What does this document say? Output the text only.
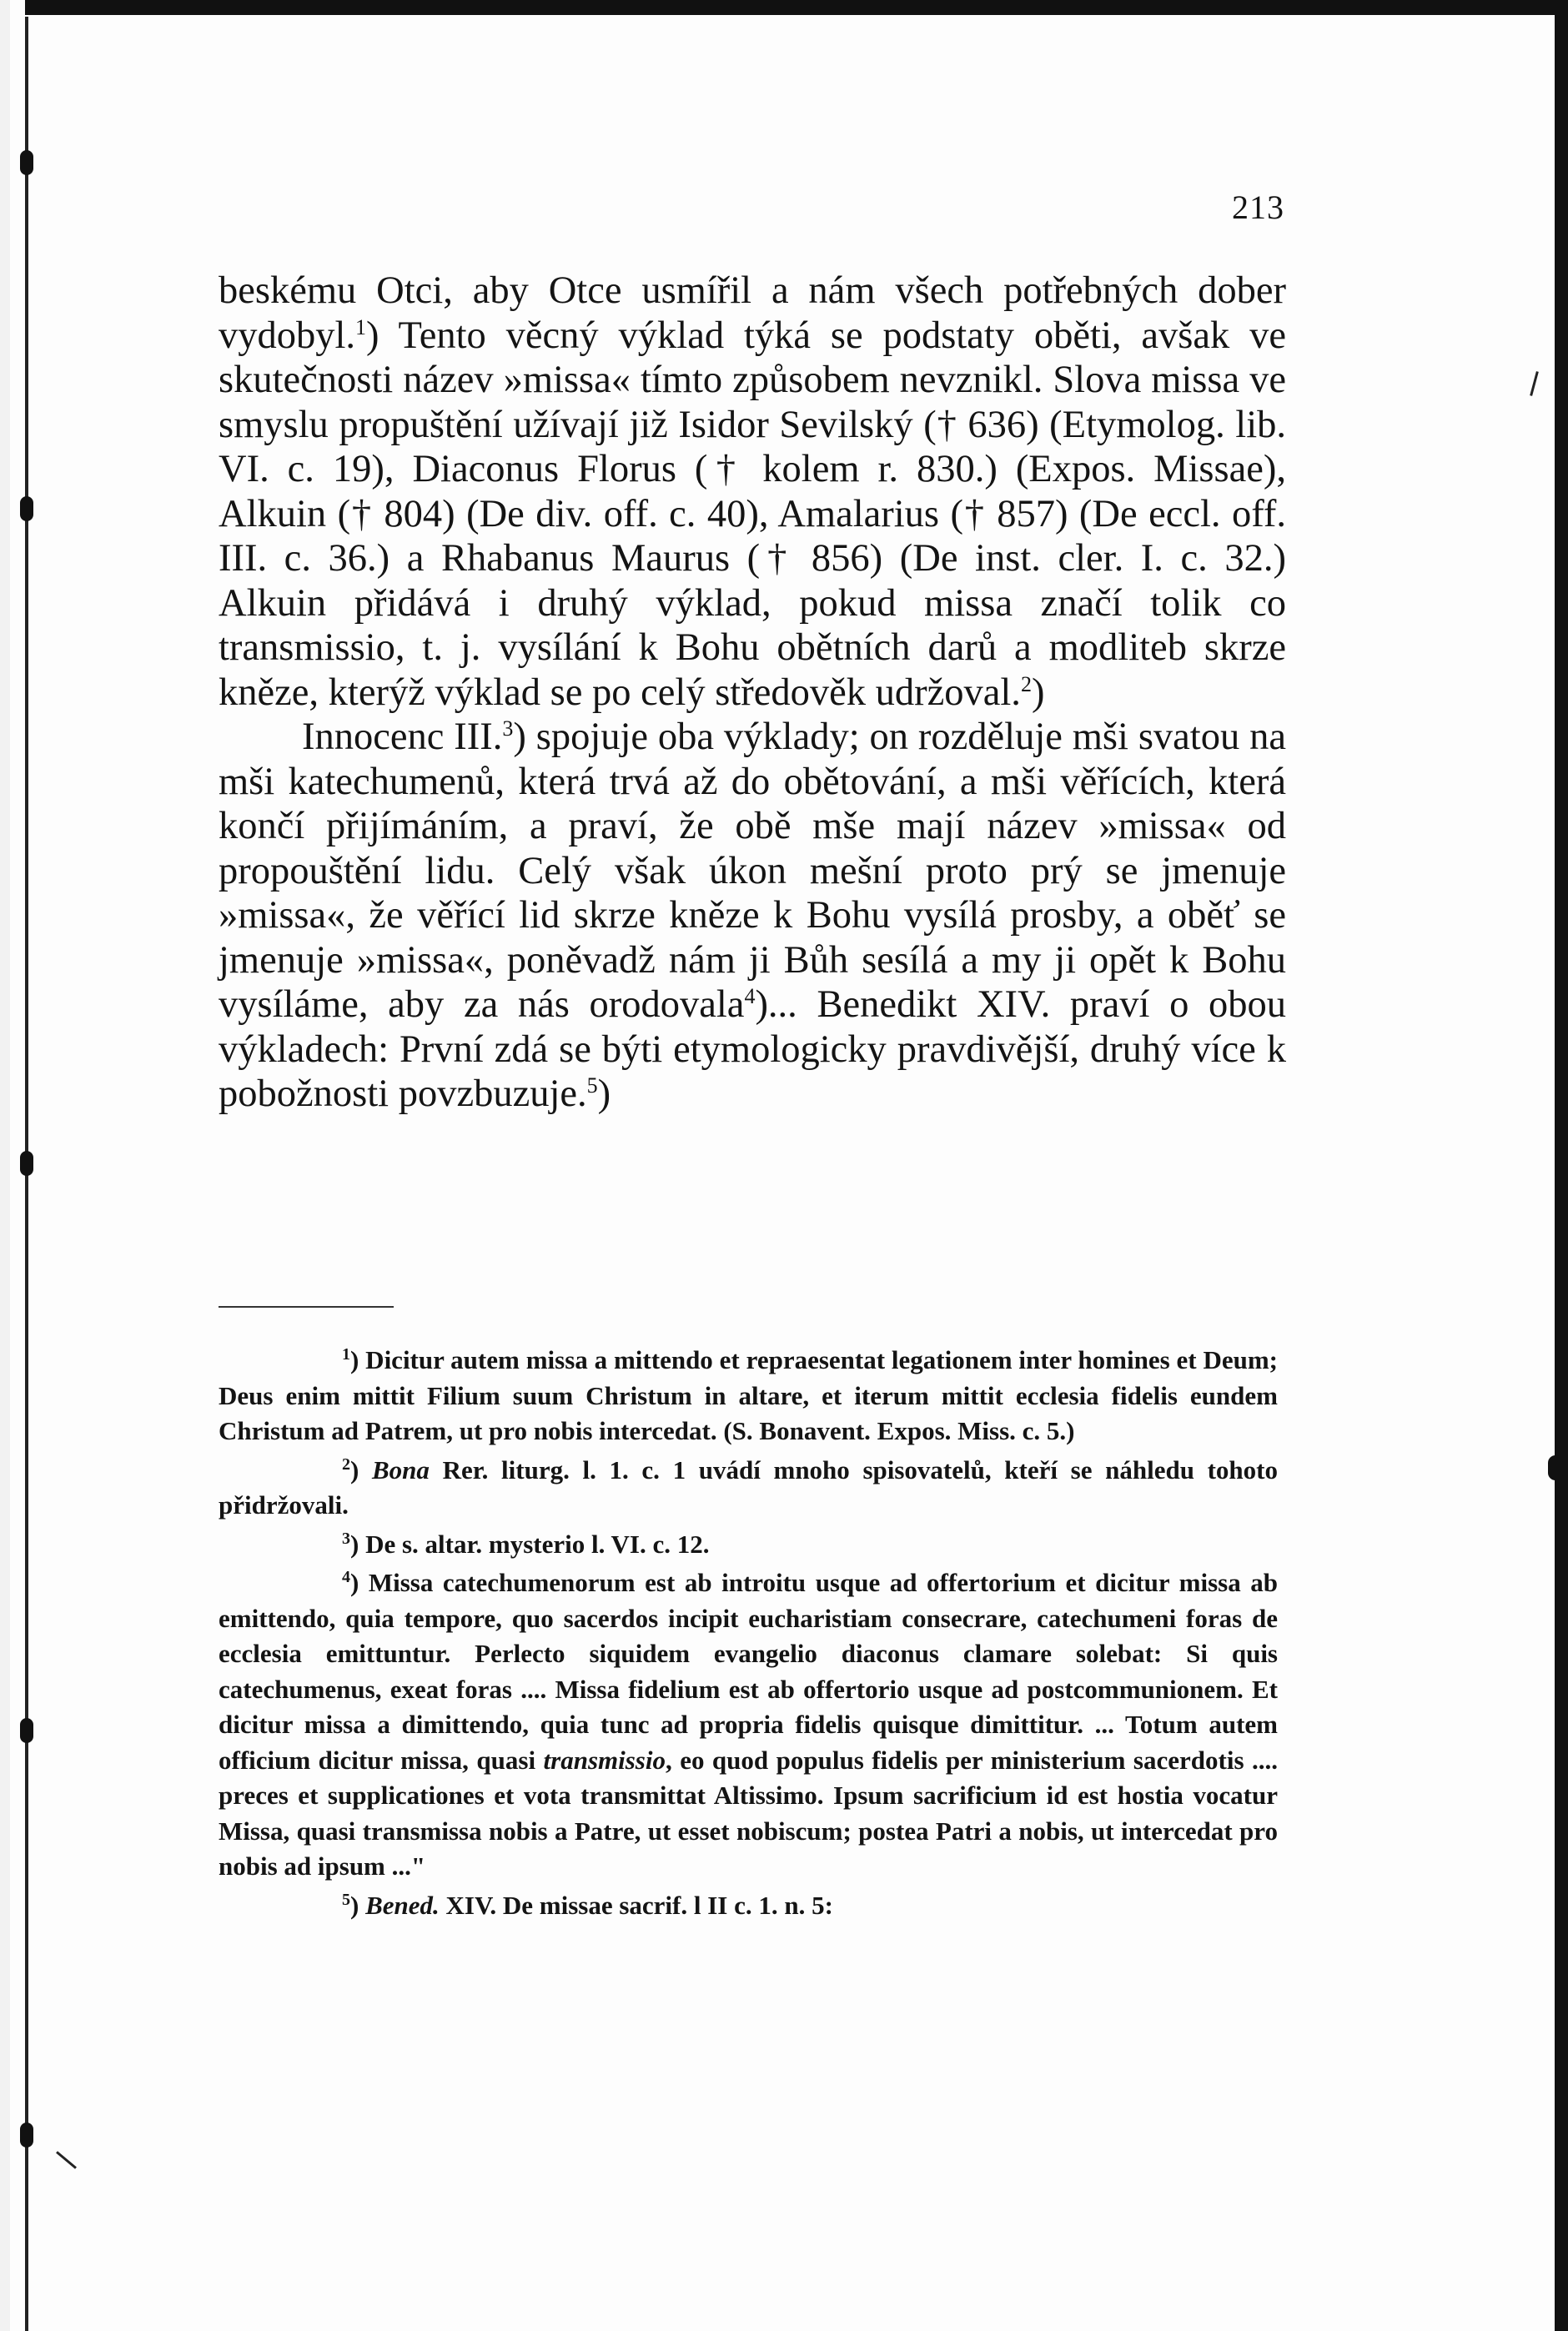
213

beskému Otci, aby Otce usmířil a nám všech potřebných dober vydobyl.$^1$) Tento věcný výklad týká se podstaty oběti, avšak ve skutečnosti název »missa« tímto způsobem nevznikl. Slova missa ve smyslu propuštění užívají již Isidor Sevilský († 636) (Etymolog. lib. VI. c. 19), Diaconus Florus († kolem r. 830.) (Expos. Missae), Alkuin († 804) (De div. off. c. 40), Amalarius († 857) (De eccl. off. III. c. 36.) a Rhabanus Maurus († 856) (De inst. cler. I. c. 32.) Alkuin přidává i druhý výklad, pokud missa značí tolik co transmissio, t. j. vysílání k Bohu obětních darů a modliteb skrze kněze, kterýž výklad se po celý středověk udržoval.$^2$)

Innocenc III.$^3$) spojuje oba výklady; on rozděluje mši svatou na mši katechumenů, která trvá až do obětování, a mši věřících, která končí přijímáním, a praví, že obě mše mají název »missa« od propouštění lidu. Celý však úkon mešní proto prý se jmenuje »missa«, že věřící lid skrze kněze k Bohu vysílá prosby, a oběť se jmenuje »missa«, poněvadž nám ji Bůh sesílá a my ji opět k Bohu vysíláme, aby za nás orodovala$^4$)... Benedikt XIV. praví o obou výkladech: První zdá se býti etymologicky pravdivější, druhý více k pobožnosti povzbuzuje.$^5$)

$^1$) Dicitur autem missa a mittendo et repraesentat legationem inter homines et Deum; Deus enim mittit Filium suum Christum in altare, et iterum mittit ecclesia fidelis eundem Christum ad Patrem, ut pro nobis intercedat. (S. Bonavent. Expos. Miss. c. 5.)

$^2$) Bona Rer. liturg. l. 1. c. 1 uvádí mnoho spisovatelů, kteří se náhledu tohoto přidržovali.

$^3$) De s. altar. mysterio l. VI. c. 12.

$^4$) Missa catechumenorum est ab introitu usque ad offertorium et dicitur missa ab emittendo, quia tempore, quo sacerdos incipit eucharistiam consecrare, catechumeni foras de ecclesia emittuntur. Perlecto siquidem evangelio diaconus clamare solebat: Si quis catechumenus, exeat foras .... Missa fidelium est ab offertorio usque ad postcommunionem. Et dicitur missa a dimittendo, quia tunc ad propria fidelis quisque dimittitur. ... Totum autem officium dicitur missa, quasi transmissio, eo quod populus fidelis per ministerium sacerdotis .... preces et supplicationes et vota transmittat Altissimo. Ipsum sacrificium id est hostia vocatur Missa, quasi transmissa nobis a Patre, ut esset nobiscum; postea Patri a nobis, ut intercedat pro nobis ad ipsum ..."

$^5$) Bened. XIV. De missae sacrif. l II c. 1. n. 5:
